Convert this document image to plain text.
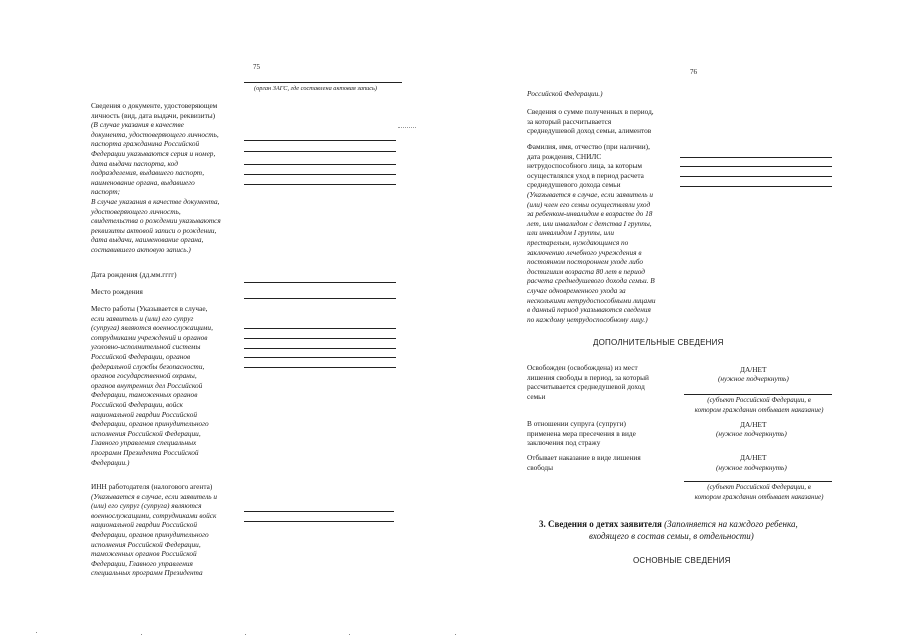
75
(орган ЗАГС, где составлена актовая запись)
Сведения о документе, удостоверяющем
личность (вид, дата выдачи, реквизиты)
(В случае указания в качестве
документа, удостоверяющего личность,
паспорта гражданина Российской
Федерации указываются серия и номер,
дата выдачи паспорта, код
подразделения, выдавшего паспорт,
наименование органа, выдавшего
паспорт;
В случае указания в качестве документа,
удостоверяющего личность,
свидетельства о рождении указываются
реквизиты актовой записи о рождении,
дата выдачи, наименование органа,
составившего актовую запись.)
Дата рождения (дд.мм.гггг)
Место рождения
Место работы (Указывается в случае,
если заявитель и (или) его супруг
(супруга) являются военнослужащими,
сотрудниками учреждений и органов
уголовно-исполнительной системы
Российской Федерации, органов
федеральной службы безопасности,
органов государственной охраны,
органов внутренних дел Российской
Федерации, таможенных органов
Российской Федерации, войск
национальной гвардии Российской
Федерации, органов принудительного
исполнения Российской Федерации,
Главного управления специальных
программ Президента Российской
Федерации.)
ИНН работодателя (налогового агента)
(Указывается в случае, если заявитель и
(или) его супруг (супруга) являются
военнослужащими, сотрудниками войск
национальной гвардии Российской
Федерации, органов принудительного
исполнения Российской Федерации,
таможенных органов Российской
Федерации, Главного управления
специальных программ Президента
76
Российской Федерации.)
Сведения о сумме полученных в период,
за который рассчитывается
среднедушевой доход семьи, алиментов
Фамилия, имя, отчество (при наличии),
дата рождения, СНИЛС
нетрудоспособного лица, за которым
осуществлялся уход в период расчета
среднедушевого дохода семьи
(Указывается в случае, если заявитель и
(или) член его семьи осуществляли уход
за ребенком-инвалидом в возрасте до 18
лет, или инвалидом с детства I группы,
или инвалидом I группы, или
престарелым, нуждающимся по
заключению лечебного учреждения в
постоянном постороннем уходе либо
достигшим возраста 80 лет в период
расчета среднедушевого дохода семьи. В
случае одновременного ухода за
несколькими нетрудоспособными лицами
в данный период указываются сведения
по каждому нетрудоспособному лицу.)
ДОПОЛНИТЕЛЬНЫЕ СВЕДЕНИЯ
Освобожден (освобождена) из мест
лишения свободы в период, за который
рассчитывается среднедушевой доход
семьи
ДА/НЕТ
(нужное подчеркнуть)
(субъект Российской Федерации, в
котором гражданин отбывает наказание)
В отношении супруга (супруги)
применена мера пресечения в виде
заключения под стражу
ДА/НЕТ
(нужное подчеркнуть)
Отбывает наказание в виде лишения
свободы
ДА/НЕТ
(нужное подчеркнуть)
(субъект Российской Федерации, в
котором гражданин отбывает наказание)
3. Сведения о детях заявителя (Заполняется на каждого ребенка,
входящего в состав семьи, в отдельности)
ОСНОВНЫЕ СВЕДЕНИЯ
